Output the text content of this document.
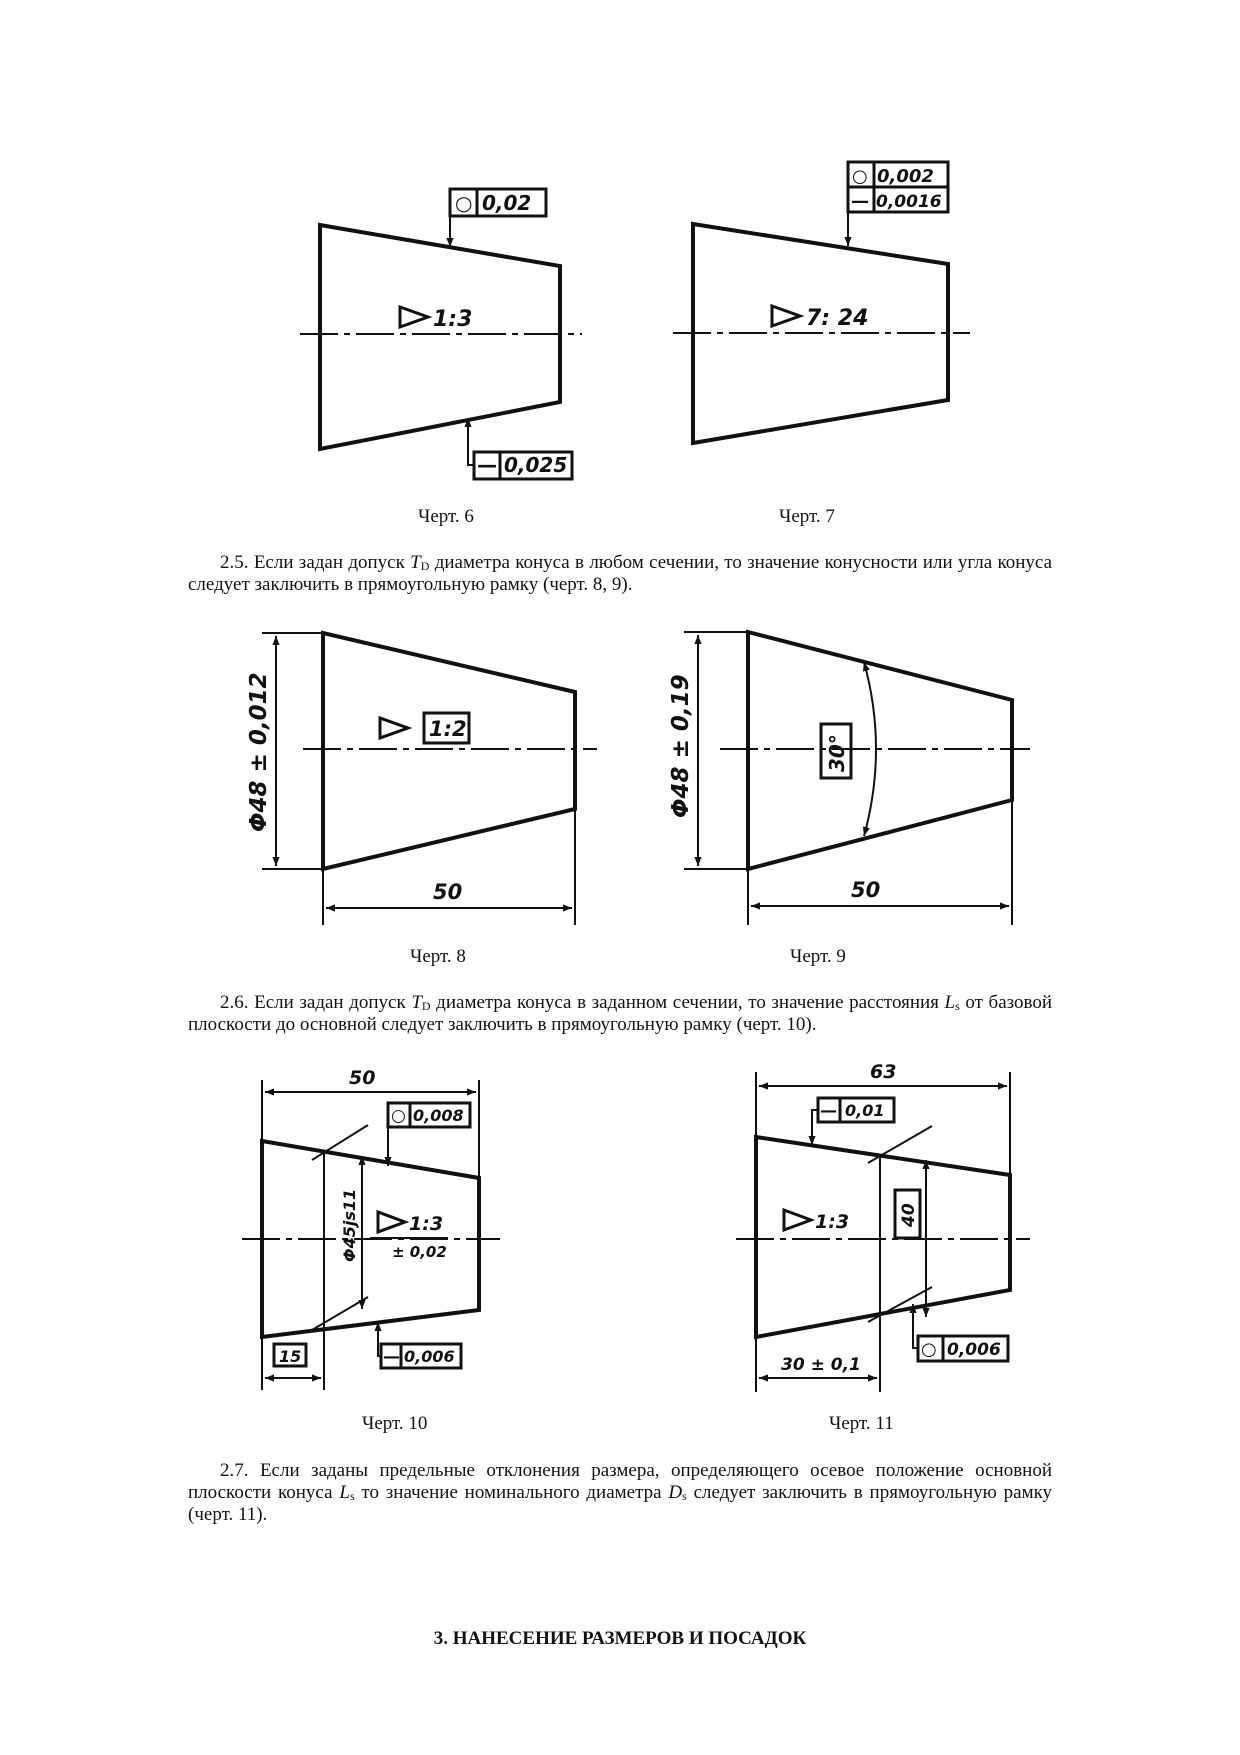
1:3
○ 0,02
— 0,025
7: 24
○ 0,002
— 0,0016
Φ48 ± 0,012	1:2
50
Φ48 ± 0,19	30°
50
50
○ 0,008
Φ45js11	1:3
± 0,02
15	— 0,006
63
— 0,01
1:3	40
30 ± 0,1
○ 0,006
Черт. 6	Черт. 7
Черт. 8	Черт. 9
Черт. 10	Черт. 11
2.5. Если задан допуск $T_D$ диаметра конуса в любом сечении, то значение конусности или угла конуса следует заключить в прямоугольную рамку (черт. 8, 9).
2.6. Если задан допуск $T_D$ диаметра конуса в заданном сечении, то значение расстояния $L_s$ от базовой плоскости до основной следует заключить в прямоугольную рамку (черт. 10).
2.7. Если заданы предельные отклонения размера, определяющего осевое положение основной плоскости конуса $L_s$ то значение номинального диаметра $D_s$ следует заключить в прямоугольную рамку (черт. 11).
3. НАНЕСЕНИЕ РАЗМЕРОВ И ПОСАДОК
